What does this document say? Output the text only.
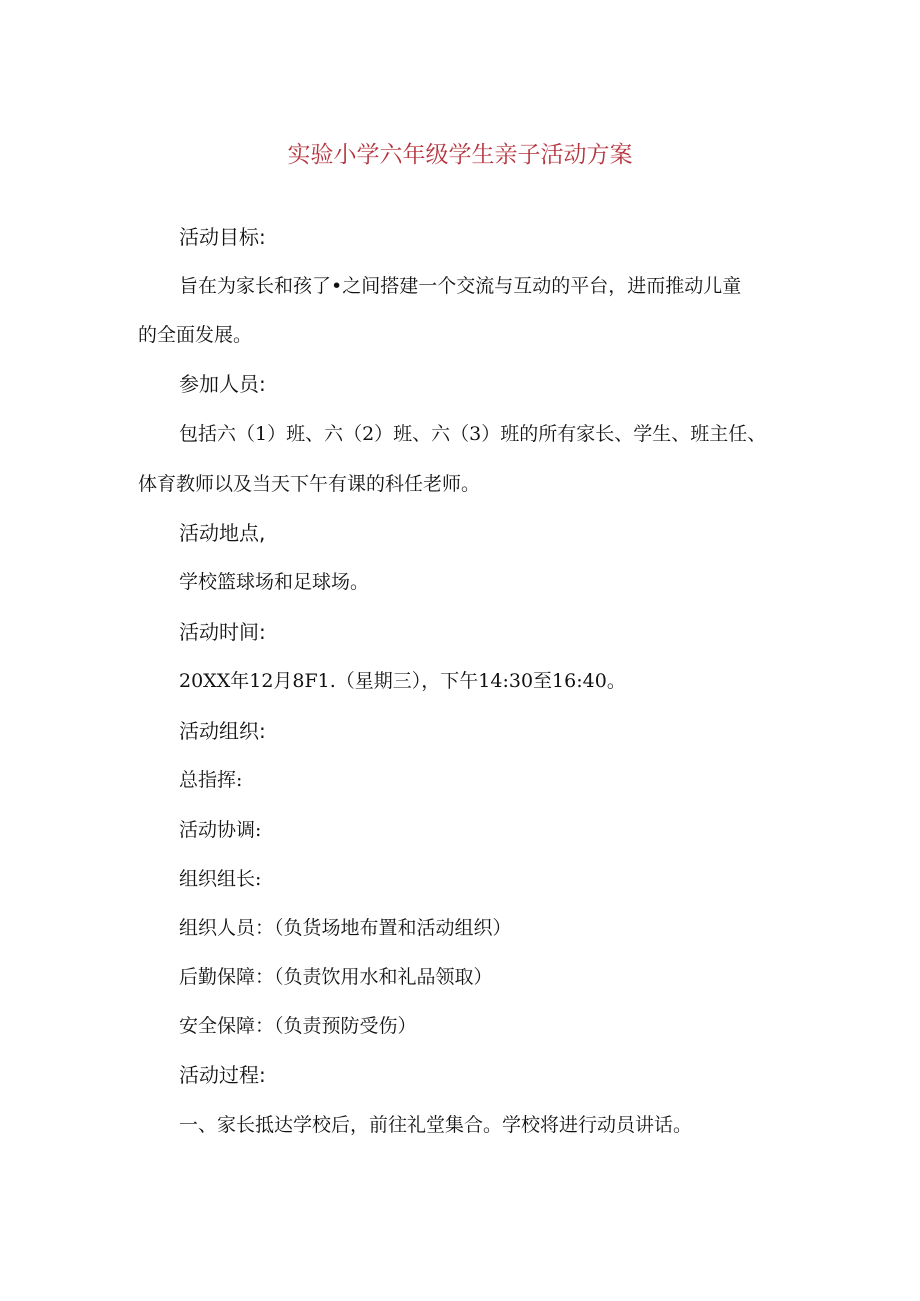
实验小学六年级学生亲子活动方案
活动目标:
旨在为家长和孩了•之间搭建一个交流与互动的平台，进而推动儿童
的全面发展。
参加人员:
包括六（1）班、六（2）班、六（3）班的所有家长、学生、班主任、
体育教师以及当天下午有课的科任老师。
活动地点,
学校篮球场和足球场。
活动时间:
20XX年12月8F1.（星期三），下午14:30至16:40。
活动组织:
总指挥:
活动协调:
组织组长:
组织人员：（负货场地布置和活动组织）
后勤保障：（负责饮用水和礼品领取）
安全保障：（负责预防受伤）
活动过程:
一、家长抵达学校后，前往礼堂集合。学校将进行动员讲话。
